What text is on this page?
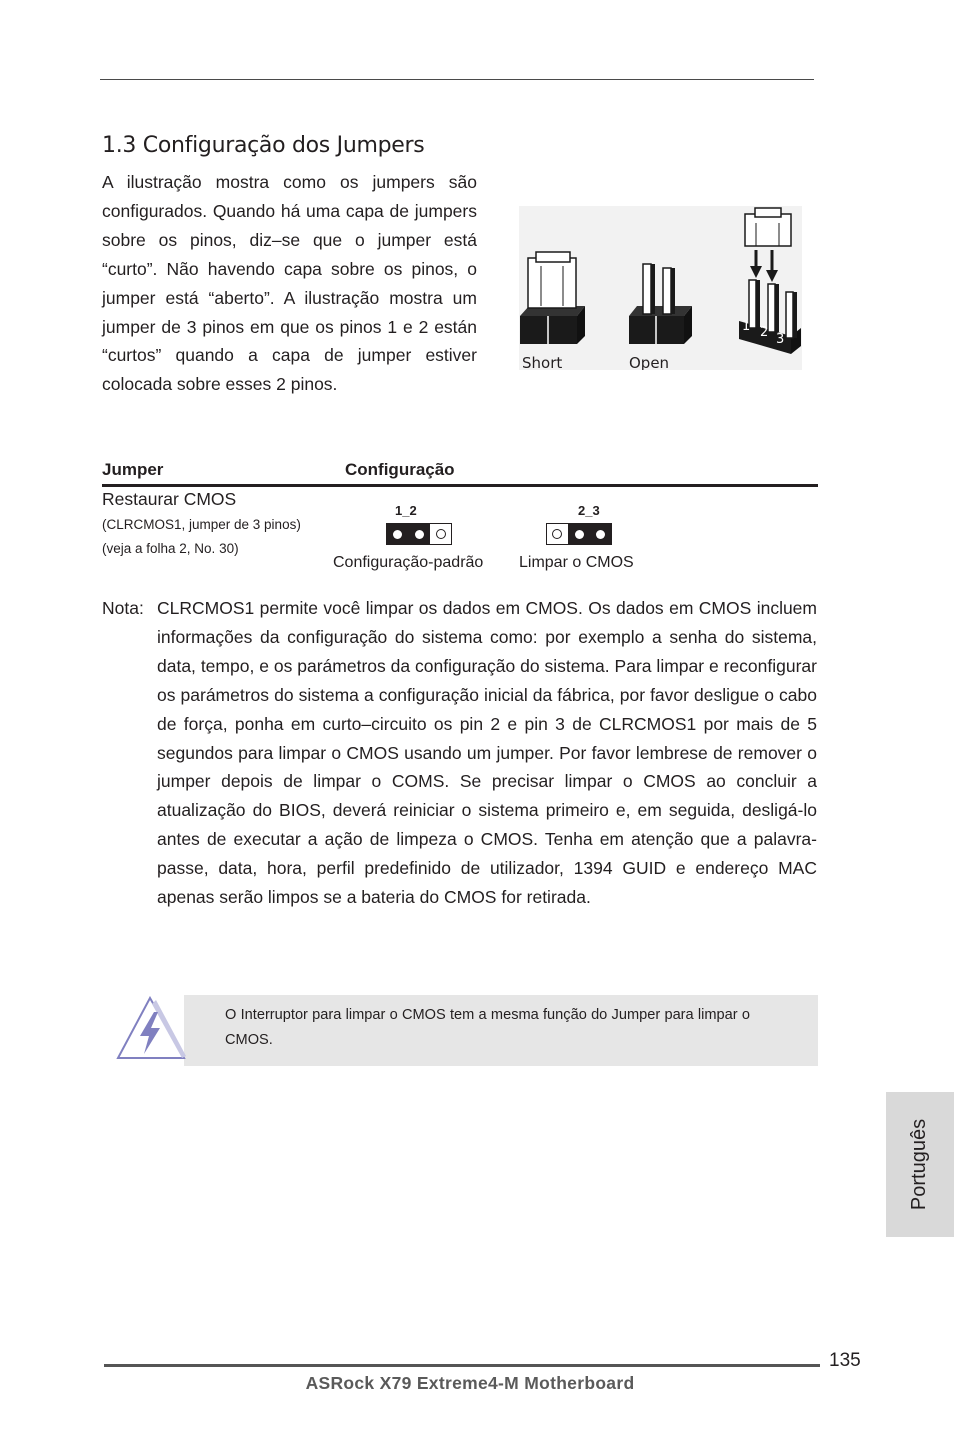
1.3 Configuração dos Jumpers
A ilustração mostra como os jumpers são configurados. Quando há uma capa de jumpers sobre os pinos, diz–se que o jumper está “curto”. Não havendo capa sobre os pinos, o jumper está “aberto”. A ilustração mostra um jumper de 3 pinos em que os pinos 1 e 2 están “curtos” quando a capa de jumper estiver colocada sobre esses 2 pinos.
1 2 3
Short	Open
Jumper	Configuração
Restaurar CMOS
(CLRCMOS1, jumper de 3 pinos)
(veja a folha 2, No. 30)
1_2
Configuração-padrão
2_3
Limpar o CMOS
Nota: CLRCMOS1 permite você limpar os dados em CMOS. Os dados em CMOS incluem informações da configuração do sistema como: por exemplo a senha do sistema, data, tempo, e os parámetros da configuração do sistema. Para limpar e reconfigurar os parámetros do sistema a configuração inicial da fábrica, por favor desligue o cabo de força, ponha em curto–circuito os pin 2 e pin 3 de CLRCMOS1 por mais de 5 segundos para limpar o CMOS usando um jumper. Por favor lembrese de remover o jumper depois de limpar o COMS. Se precisar limpar o CMOS ao concluir a atualização do BIOS, deverá reiniciar o sistema primeiro e, em seguida, desligá-lo antes de executar a ação de limpeza o CMOS. Tenha em atenção que a palavra-passe, data, hora, perfil predefinido de utilizador, 1394 GUID e endereço MAC apenas serão limpos se a bateria do CMOS for retirada.
O Interruptor para limpar o CMOS tem a mesma função do Jumper para limpar o CMOS.
Português
135
ASRock X79 Extreme4-M Motherboard
